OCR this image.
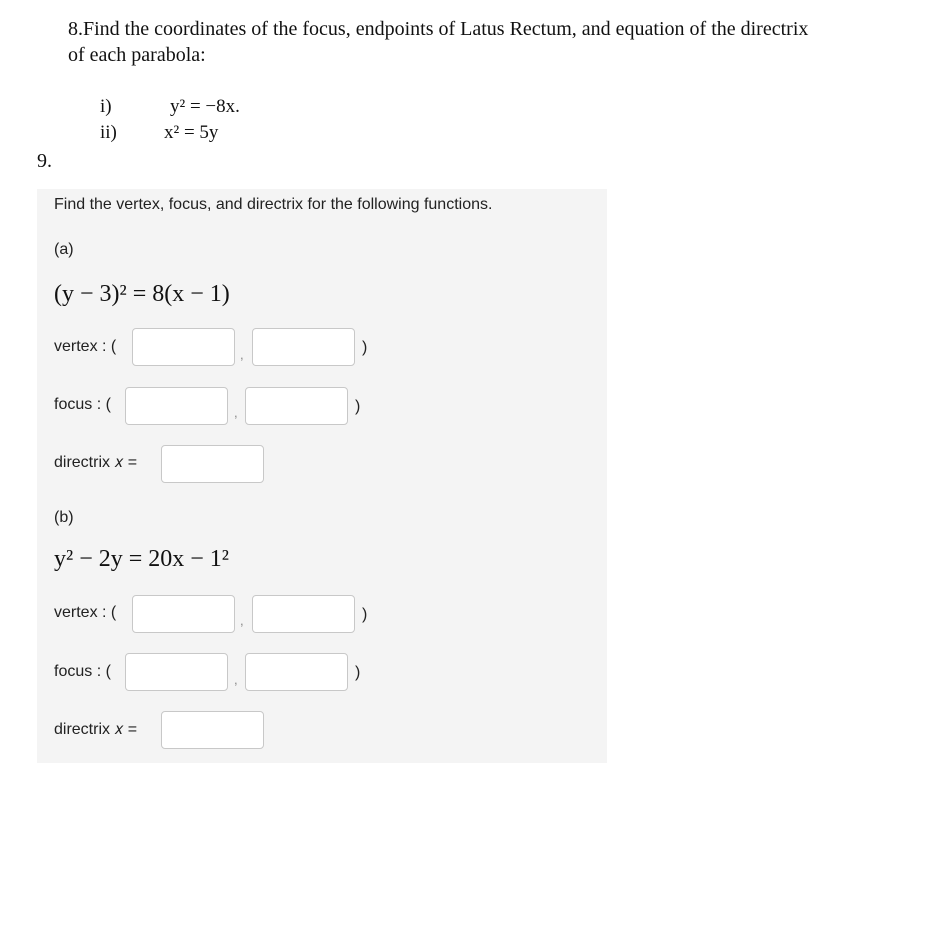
8.Find the coordinates of the focus, endpoints of Latus Rectum, and equation of the directrix
of each parabola:
i)	y² = −8x.
ii)	x² = 5y
9.
Find the vertex, focus, and directrix for the following functions.
(a)
(y − 3)² = 8(x − 1)
vertex : (	,	)
focus : (	,	)
directrix 𝑥 =
(b)
y² − 2y = 20x − 1²
vertex : (	,	)
focus : (	,	)
directrix 𝑥 =
